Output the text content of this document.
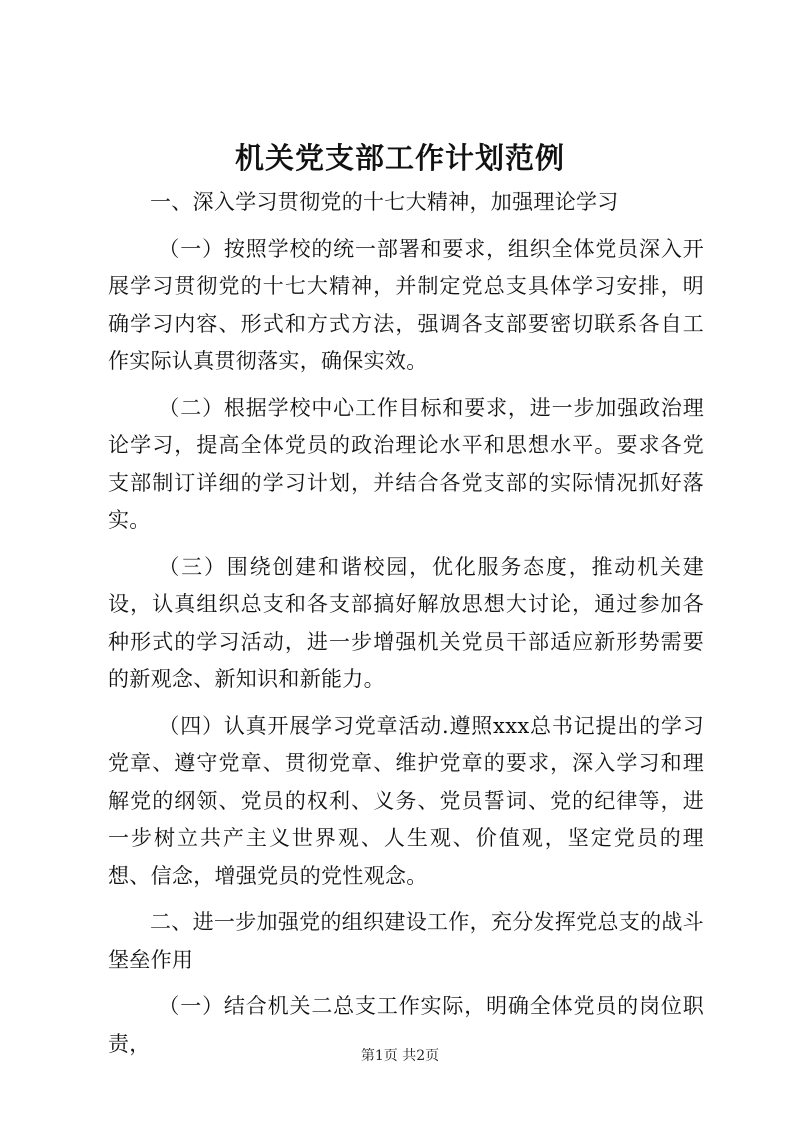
机关党支部工作计划范例

一、深入学习贯彻党的十七大精神，加强理论学习

（一）按照学校的统一部署和要求，组织全体党员深入开展学习贯彻党的十七大精神，并制定党总支具体学习安排，明确学习内容、形式和方式方法，强调各支部要密切联系各自工作实际认真贯彻落实，确保实效。

（二）根据学校中心工作目标和要求，进一步加强政治理论学习，提高全体党员的政治理论水平和思想水平。要求各党支部制订详细的学习计划，并结合各党支部的实际情况抓好落实。

（三）围绕创建和谐校园，优化服务态度，推动机关建设，认真组织总支和各支部搞好解放思想大讨论，通过参加各种形式的学习活动，进一步增强机关党员干部适应新形势需要的新观念、新知识和新能力。

（四）认真开展学习党章活动.遵照xxx总书记提出的学习党章、遵守党章、贯彻党章、维护党章的要求，深入学习和理解党的纲领、党员的权利、义务、党员誓词、党的纪律等，进一步树立共产主义世界观、人生观、价值观，坚定党员的理想、信念，增强党员的党性观念。

二、进一步加强党的组织建设工作，充分发挥党总支的战斗堡垒作用

（一）结合机关二总支工作实际，明确全体党员的岗位职责，

第1页 共2页
